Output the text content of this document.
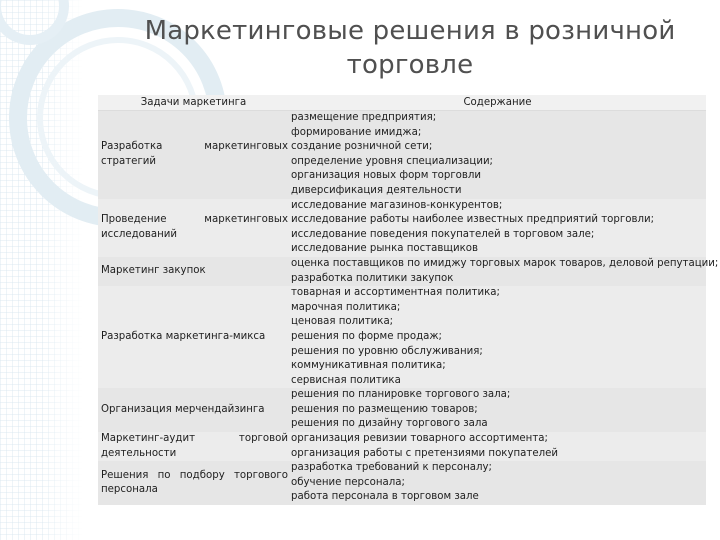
Маркетинговые решения в розничной торговле
Задачи маркетинга	Содержание
Разработка маркетинговых стратегий
размещение предприятия;
формирование имиджа;
создание розничной сети;
определение уровня специализации;
организация новых форм торговли
диверсификация деятельности
Проведение маркетинговых исследований
исследование магазинов-конкурентов;
исследование работы наиболее известных предприятий торговли;
исследование поведения покупателей в торговом зале;
исследование рынка поставщиков
Маркетинг закупок
оценка поставщиков по имиджу торговых марок товаров, деловой репутации;
разработка политики закупок
Разработка маркетинга-микса
товарная и ассортиментная политика;
марочная политика;
ценовая политика;
решения по форме продаж;
решения по уровню обслуживания;
коммуникативная политика;
сервисная политика
Организация мерчендайзинга
решения по планировке торгового зала;
решения по размещению товаров;
решения по дизайну торгового зала
Маркетинг-аудит торговой деятельности
организация ревизии товарного ассортимента;
организация работы с претензиями покупателей
Решения по подбору торгового персонала
разработка требований к персоналу;
обучение персонала;
работа персонала в торговом зале
